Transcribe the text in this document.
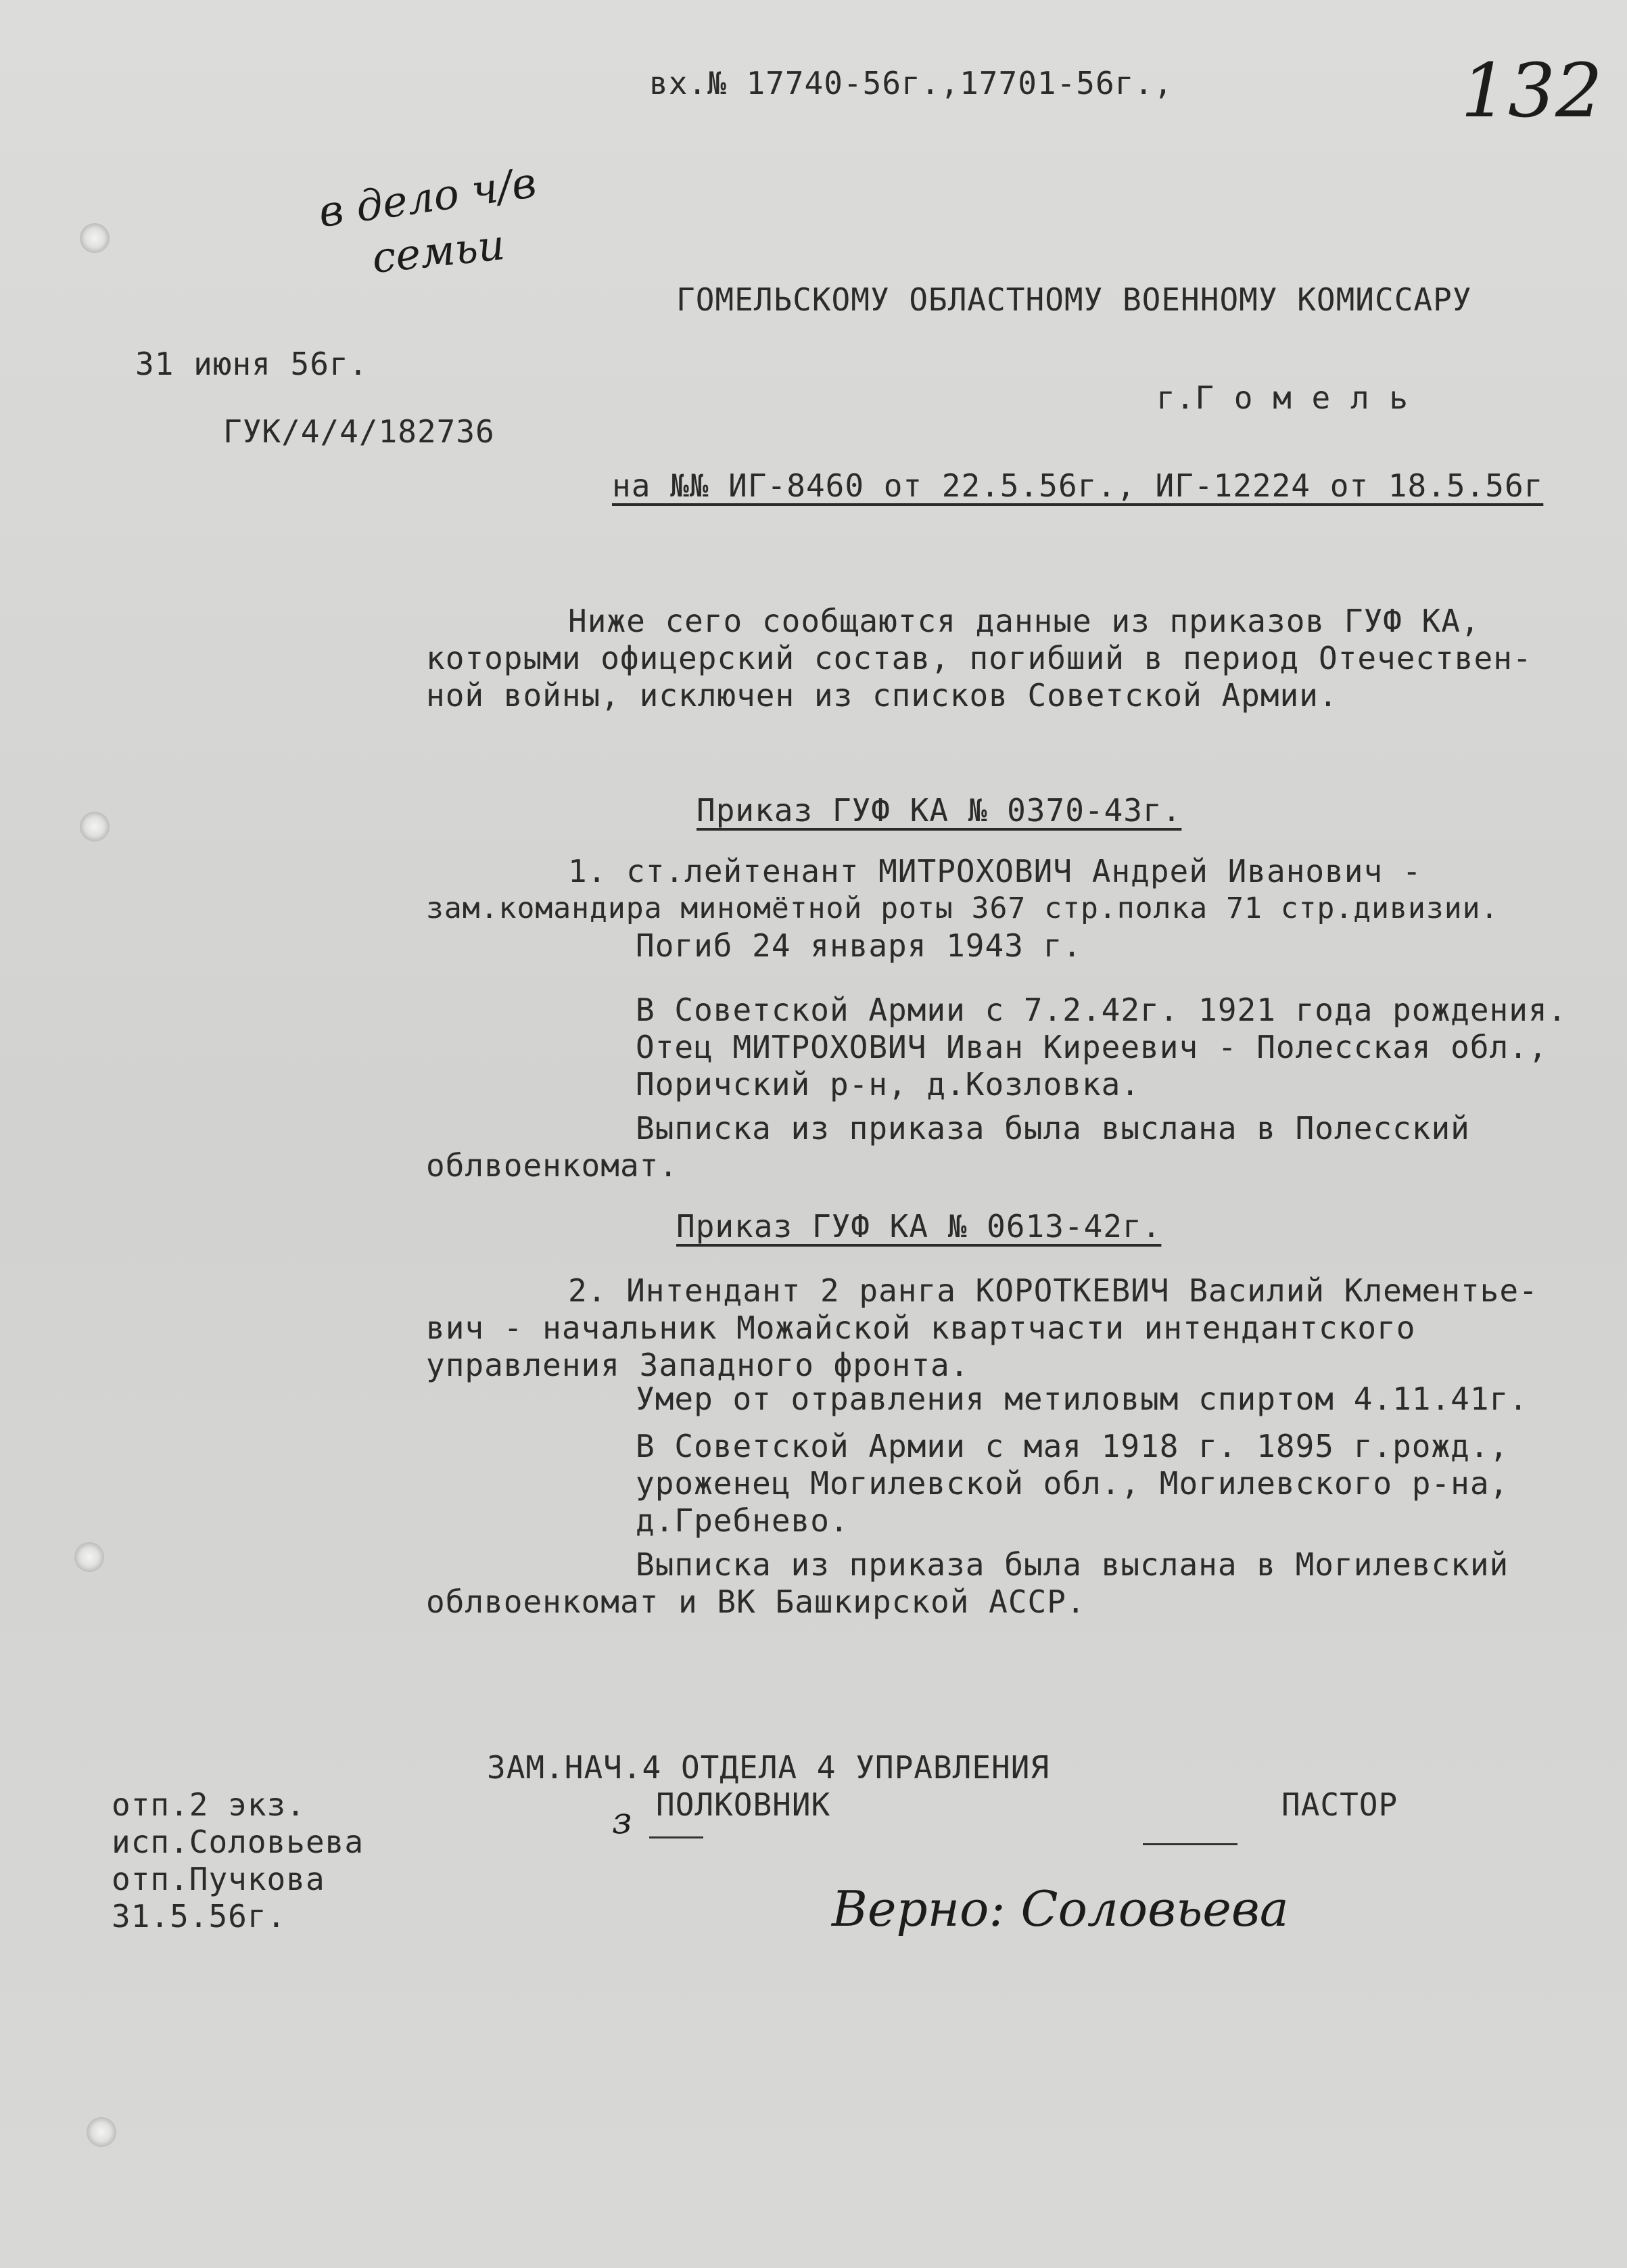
вх.№ 17740-56г.,17701-56г.,	132
в дело ч/в
семьи
31 июня 56г.
ГУК/4/4/182736
ГОМЕЛЬСКОМУ ОБЛАСТНОМУ ВОЕННОМУ КОМИССАРУ
г.Г о м е л ь
на №№ ИГ-8460 от 22.5.56г., ИГ-12224 от 18.5.56г
Ниже сего сообщаются данные из приказов ГУФ КА,
которыми офицерский состав, погибший в период Отечествен-
ной войны, исключен из списков Советской Армии.
Приказ ГУФ КА № 0370-43г.
1. ст.лейтенант МИТРОХОВИЧ Андрей Иванович -
зам.командира миномётной роты 367 стр.полка 71 стр.дивизии.
Погиб 24 января 1943 г.
В Советской Армии с 7.2.42г. 1921 года рождения.
Отец МИТРОХОВИЧ Иван Киреевич - Полесская обл.,
Поричский р-н, д.Козловка.
Выписка из приказа была выслана в Полесский
облвоенкомат.
Приказ ГУФ КА № 0613-42г.
2. Интендант 2 ранга КОРОТКЕВИЧ Василий Клементье-
вич - начальник Можайской квартчасти интендантского
управления Западного фронта.
Умер от отравления метиловым спиртом 4.11.41г.
В Советской Армии с мая 1918 г. 1895 г.рожд.,
уроженец Могилевской обл., Могилевского р-на,
д.Гребнево.
Выписка из приказа была выслана в Могилевский
облвоенкомат и ВК Башкирской АССР.
ЗАМ.НАЧ.4 ОТДЕЛА 4 УПРАВЛЕНИЯ
ПОЛКОВНИК	ПАСТОР
з
Верно: Соловьева
отп.2 экз.
исп.Соловьева
отп.Пучкова
31.5.56г.
